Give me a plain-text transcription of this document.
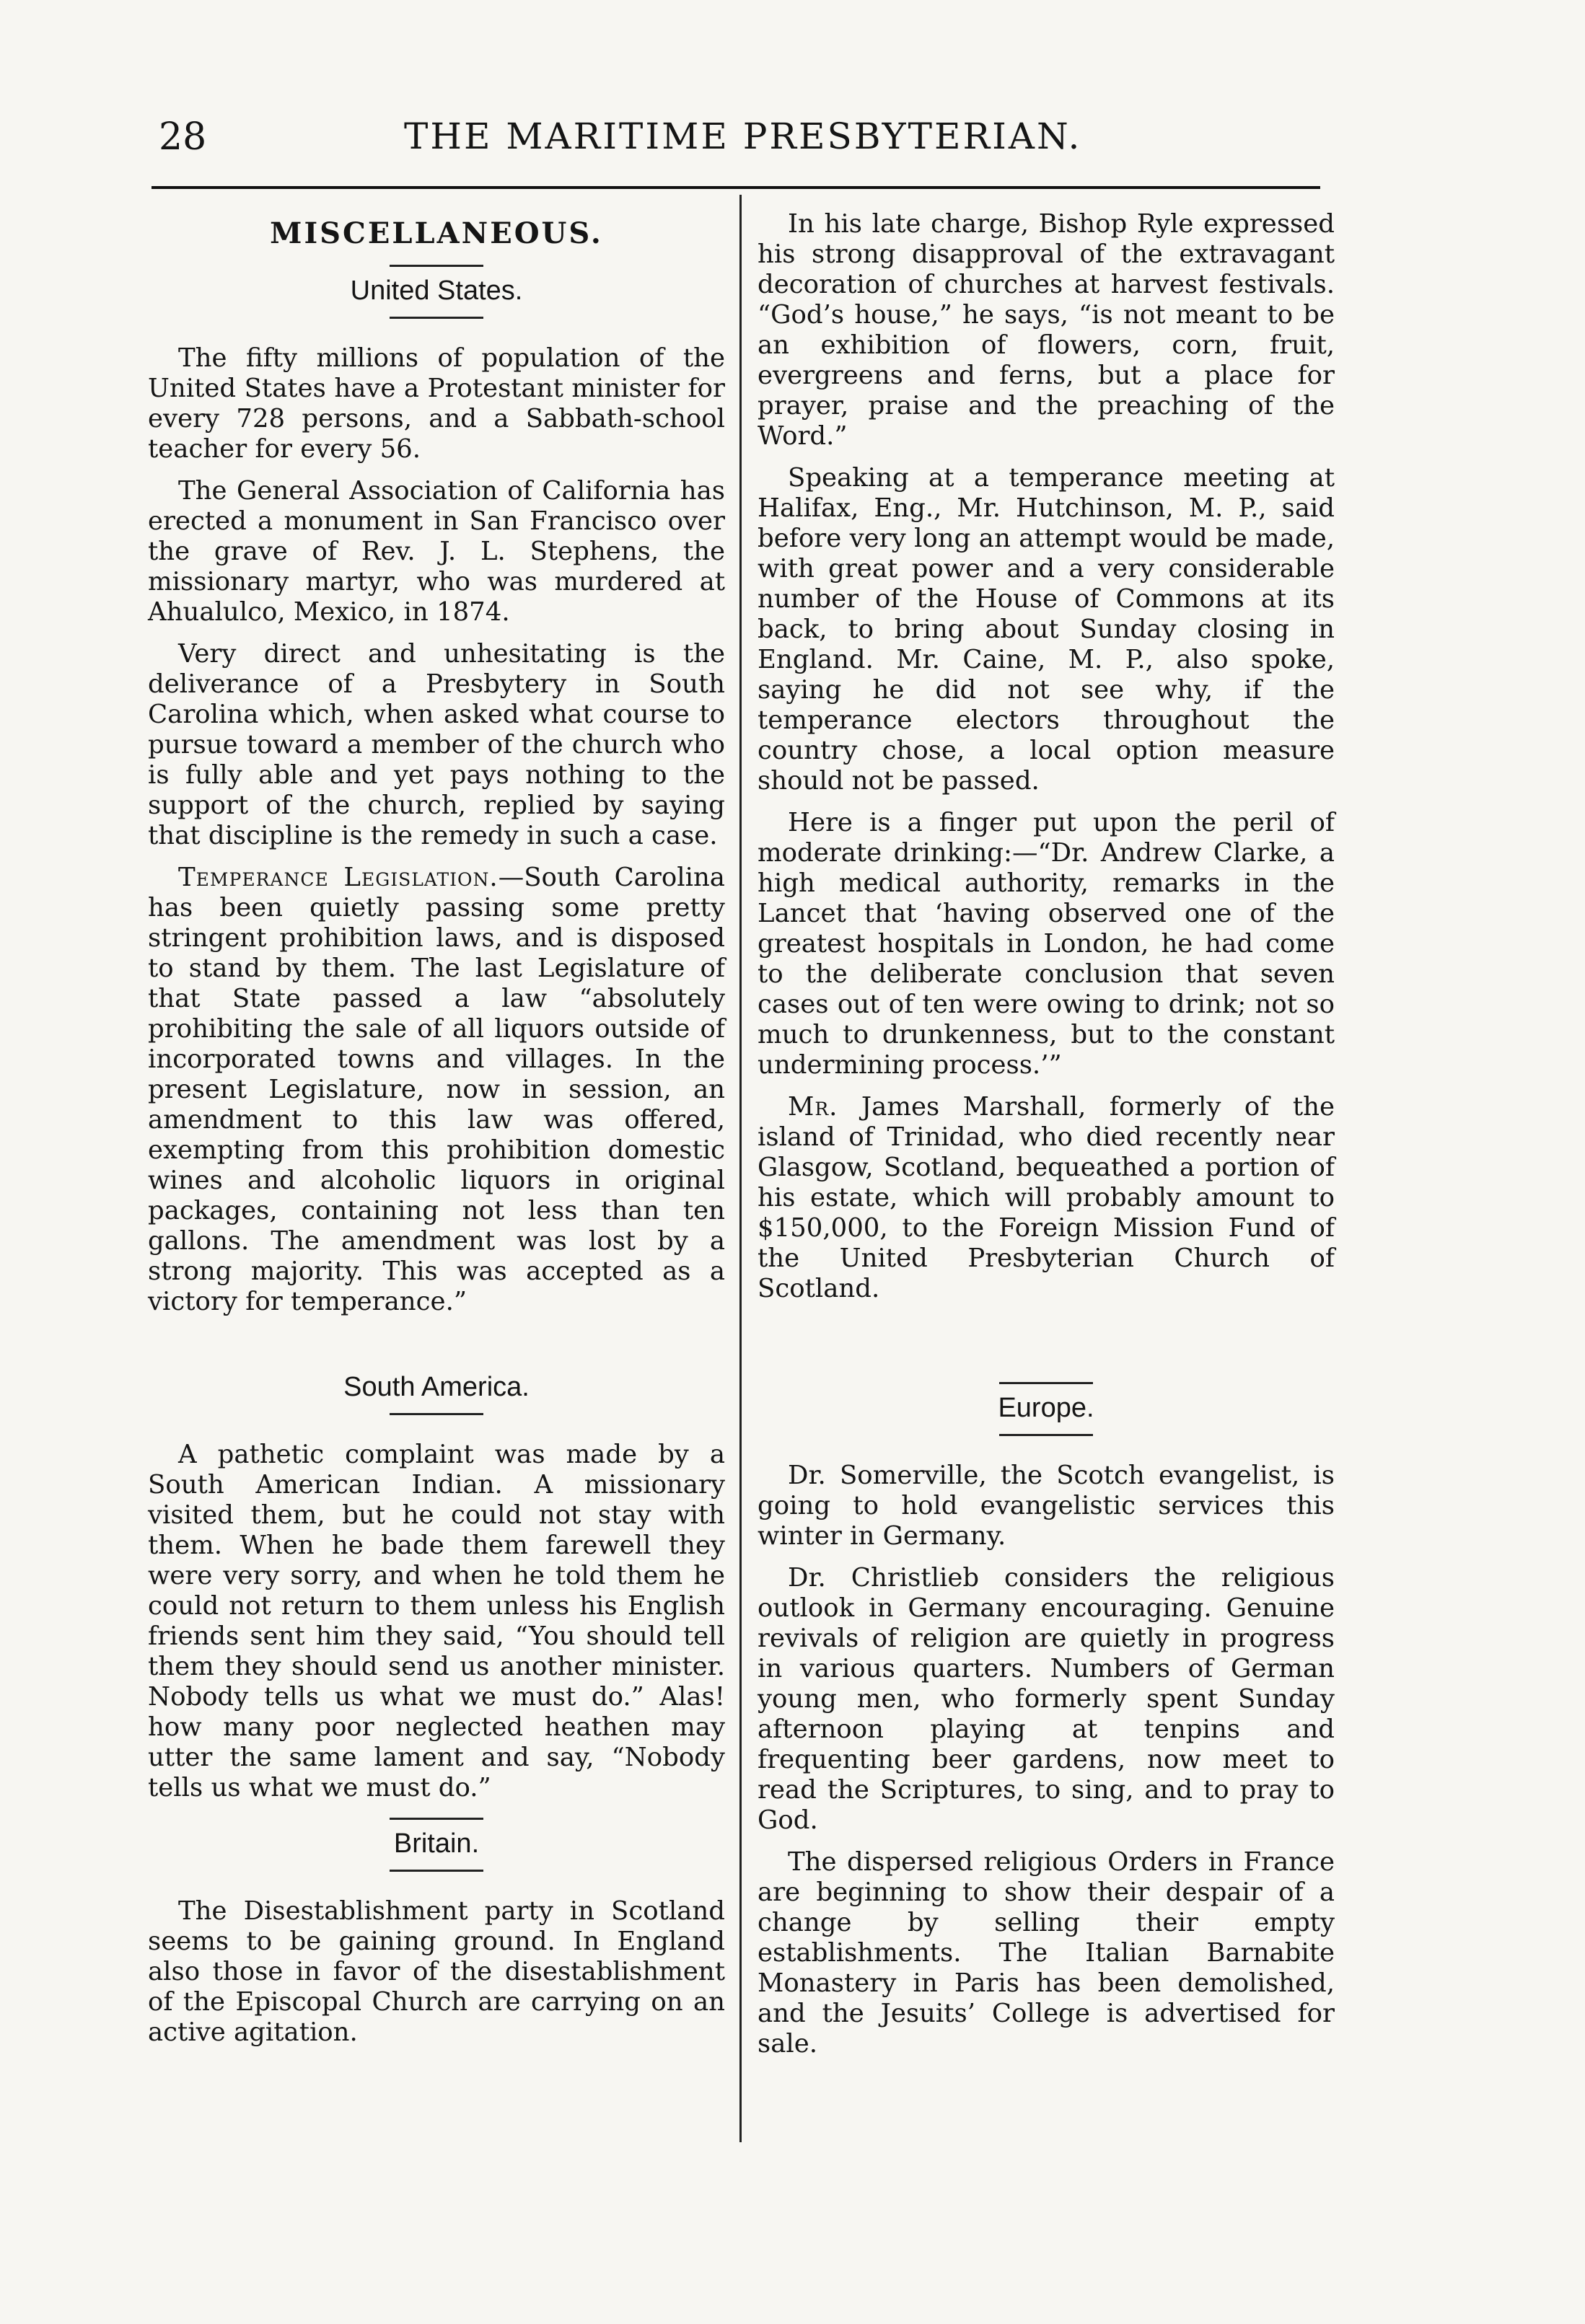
28	THE MARITIME PRESBYTERIAN.
MISCELLANEOUS.
United States.

The fifty millions of population of the United States have a Protestant minister for every 728 persons, and a Sabbath-school teacher for every 56.

The General Association of California has erected a monument in San Francisco over the grave of Rev. J. L. Stephens, the missionary martyr, who was murdered at Ahualulco, Mexico, in 1874.

Very direct and unhesitating is the deliverance of a Presbytery in South Carolina which, when asked what course to pursue toward a member of the church who is fully able and yet pays nothing to the support of the church, replied by saying that discipline is the remedy in such a case.

Temperance Legislation.—South Carolina has been quietly passing some pretty stringent prohibition laws, and is disposed to stand by them. The last Legislature of that State passed a law “absolutely prohibiting the sale of all liquors outside of incorporated towns and villages. In the present Legislature, now in session, an amendment to this law was offered, exempting from this prohibition domestic wines and alcoholic liquors in original packages, containing not less than ten gallons. The amendment was lost by a strong majority. This was accepted as a victory for temperance.”

South America.

A pathetic complaint was made by a South American Indian. A missionary visited them, but he could not stay with them. When he bade them farewell they were very sorry, and when he told them he could not return to them unless his English friends sent him they said, “You should tell them they should send us another minister. Nobody tells us what we must do.” Alas! how many poor neglected heathen may utter the same lament and say, “Nobody tells us what we must do.”

Britain.

The Disestablishment party in Scotland seems to be gaining ground. In England also those in favor of the disestablishment of the Episcopal Church are carrying on an active agitation.

In his late charge, Bishop Ryle expressed his strong disapproval of the extravagant decoration of churches at harvest festivals. “God’s house,” he says, “is not meant to be an exhibition of flowers, corn, fruit, evergreens and ferns, but a place for prayer, praise and the preaching of the Word.”

Speaking at a temperance meeting at Halifax, Eng., Mr. Hutchinson, M. P., said before very long an attempt would be made, with great power and a very considerable number of the House of Commons at its back, to bring about Sunday closing in England. Mr. Caine, M. P., also spoke, saying he did not see why, if the temperance electors throughout the country chose, a local option measure should not be passed.

Here is a finger put upon the peril of moderate drinking:—“Dr. Andrew Clarke, a high medical authority, remarks in the Lancet that ‘having observed one of the greatest hospitals in London, he had come to the deliberate conclusion that seven cases out of ten were owing to drink; not so much to drunkenness, but to the constant undermining process.’”

Mr. James Marshall, formerly of the island of Trinidad, who died recently near Glasgow, Scotland, bequeathed a portion of his estate, which will probably amount to $150,000, to the Foreign Mission Fund of the United Presbyterian Church of Scotland.

Europe.

Dr. Somerville, the Scotch evangelist, is going to hold evangelistic services this winter in Germany.

Dr. Christlieb considers the religious outlook in Germany encouraging. Genuine revivals of religion are quietly in progress in various quarters. Numbers of German young men, who formerly spent Sunday afternoon playing at tenpins and frequenting beer gardens, now meet to read the Scriptures, to sing, and to pray to God.

The dispersed religious Orders in France are beginning to show their despair of a change by selling their empty establishments. The Italian Barnabite Monastery in Paris has been demolished, and the Jesuits’ College is advertised for sale.
